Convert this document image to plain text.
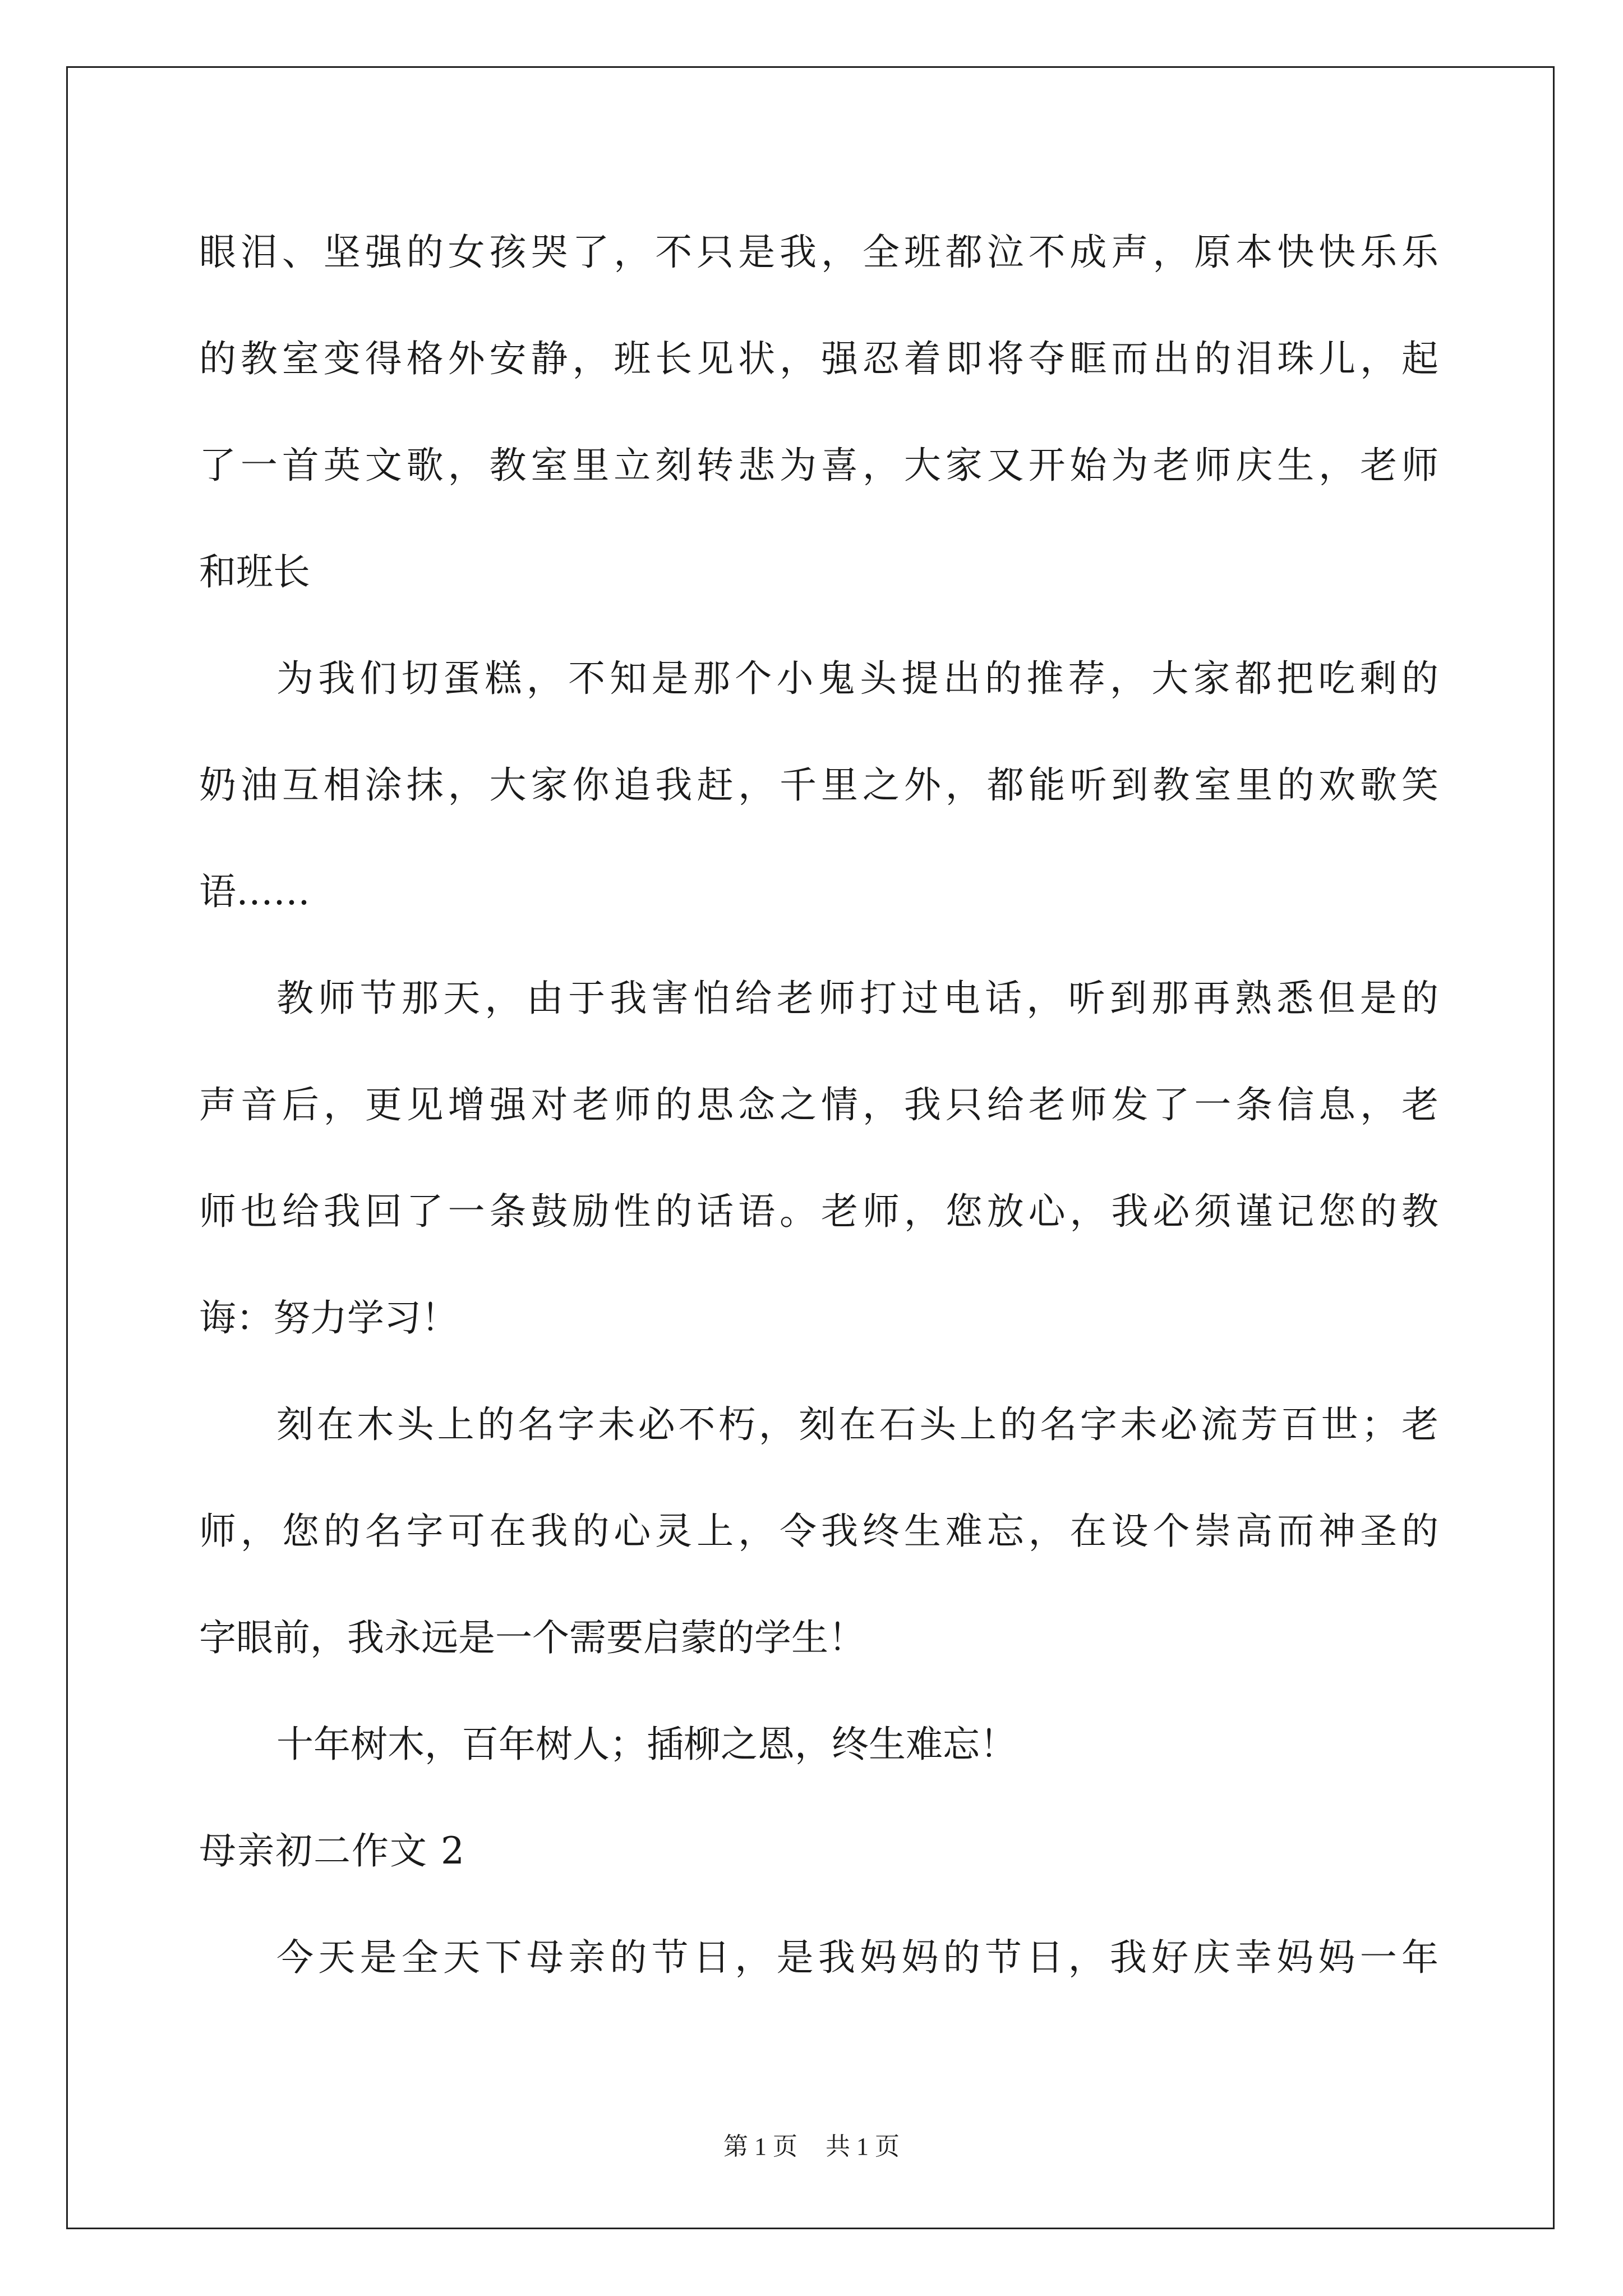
眼泪、坚强的女孩哭了，不只是我，全班都泣不成声，原本快快乐乐
的教室变得格外安静，班长见状，强忍着即将夺眶而出的泪珠儿，起
了一首英文歌，教室里立刻转悲为喜，大家又开始为老师庆生，老师
和班长
为我们切蛋糕，不知是那个小鬼头提出的推荐，大家都把吃剩的
奶油互相涂抹，大家你追我赶，千里之外，都能听到教室里的欢歌笑
语……
教师节那天，由于我害怕给老师打过电话，听到那再熟悉但是的
声音后，更见增强对老师的思念之情，我只给老师发了一条信息，老
师也给我回了一条鼓励性的话语。老师，您放心，我必须谨记您的教
诲：努力学习！
刻在木头上的名字未必不朽，刻在石头上的名字未必流芳百世；老
师，您的名字可在我的心灵上，令我终生难忘，在设个崇高而神圣的
字眼前，我永远是一个需要启蒙的学生！
十年树木，百年树人；插柳之恩，终生难忘！
母亲初二作文 2
今天是全天下母亲的节日，是我妈妈的节日，我好庆幸妈妈一年
第 1 页 共 1 页
